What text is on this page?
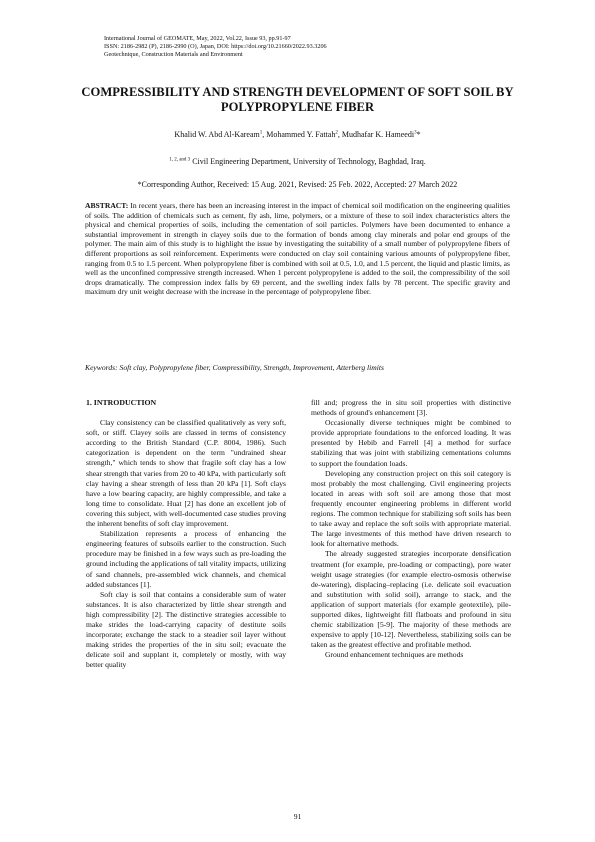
International Journal of GEOMATE, May, 2022, Vol.22, Issue 93, pp.91-97
ISSN: 2186-2982 (P), 2186-2990 (O), Japan, DOI: https://doi.org/10.21660/2022.93.3206
Geotechnique, Construction Materials and Environment
COMPRESSIBILITY AND STRENGTH DEVELOPMENT OF SOFT SOIL BY POLYPROPYLENE FIBER
Khalid W. Abd Al-Kaream$^1$, Mohammed Y. Fattah$^2$, Mudhafar K. Hameedi$^3$*
$^{1, 2, and 3}$ Civil Engineering Department, University of Technology, Baghdad, Iraq.
*Corresponding Author, Received: 15 Aug. 2021, Revised: 25 Feb. 2022, Accepted: 27 March 2022
ABSTRACT: In recent years, there has been an increasing interest in the impact of chemical soil modification on the engineering qualities of soils. The addition of chemicals such as cement, fly ash, lime, polymers, or a mixture of these to soil index characteristics alters the physical and chemical properties of soils, including the cementation of soil particles. Polymers have been documented to enhance a substantial improvement in strength in clayey soils due to the formation of bonds among clay minerals and polar end groups of the polymer. The main aim of this study is to highlight the issue by investigating the suitability of a small number of polypropylene fibers of different proportions as soil reinforcement. Experiments were conducted on clay soil containing various amounts of polypropylene fiber, ranging from 0.5 to 1.5 percent. When polypropylene fiber is combined with soil at 0.5, 1.0, and 1.5 percent, the liquid and plastic limits, as well as the unconfined compressive strength increased. When 1 percent polypropylene is added to the soil, the compressibility of the soil drops dramatically. The compression index falls by 69 percent, and the swelling index falls by 78 percent. The specific gravity and maximum dry unit weight decrease with the increase in the percentage of polypropylene fiber.
Keywords: Soft clay, Polypropylene fiber, Compressibility, Strength, Improvement, Atterberg limits
1. INTRODUCTION

Clay consistency can be classified qualitatively as very soft, soft, or stiff. Clayey soils are classed in terms of consistency according to the British Standard (C.P. 8004, 1986). Such categorization is dependent on the term "undrained shear strength," which tends to show that fragile soft clay has a low shear strength that varies from 20 to 40 kPa, with particularly soft clay having a shear strength of less than 20 kPa [1]. Soft clays have a low bearing capacity, are highly compressible, and take a long time to consolidate. Huat [2] has done an excellent job of covering this subject, with well-documented case studies proving the inherent benefits of soft clay improvement.

Stabilization represents a process of enhancing the engineering features of subsoils earlier to the construction. Such procedure may be finished in a few ways such as pre-loading the ground including the applications of tall vitality impacts, utilizing of sand channels, pre-assembled wick channels, and chemical added substances [1].

Soft clay is soil that contains a considerable sum of water substances. It is also characterized by little shear strength and high compressibility [2]. The distinctive strategies accessible to make strides the load-carrying capacity of destitute soils incorporate; exchange the stack to a steadier soil layer without making strides the properties of the in situ soil; evacuate the delicate soil and supplant it, completely or mostly, with way better quality

fill and; progress the in situ soil properties with distinctive methods of ground's enhancement [3].

Occasionally diverse techniques might be combined to provide appropriate foundations to the enforced loading. It was presented by Hebib and Farrell [4] a method for surface stabilizing that was joint with stabilizing cementations columns to support the foundation loads.

Developing any construction project on this soil category is most probably the most challenging. Civil engineering projects located in areas with soft soil are among those that most frequently encounter engineering problems in different world regions. The common technique for stabilizing soft soils has been to take away and replace the soft soils with appropriate material. The large investments of this method have driven research to look for alternative methods.

The already suggested strategies incorporate densification treatment (for example, pre-loading or compacting), pore water weight usage strategies (for example electro-osmosis otherwise de-watering), displacing–replacing (i.e. delicate soil evacuation and substitution with solid soil), arrange to stack, and the application of support materials (for example geotextile), pile-supported dikes, lightweight fill flatboats and profound in situ chemic stabilization [5-9]. The majority of these methods are expensive to apply [10-12]. Nevertheless, stabilizing soils can be taken as the greatest effective and profitable method.

Ground enhancement techniques are methods

91
